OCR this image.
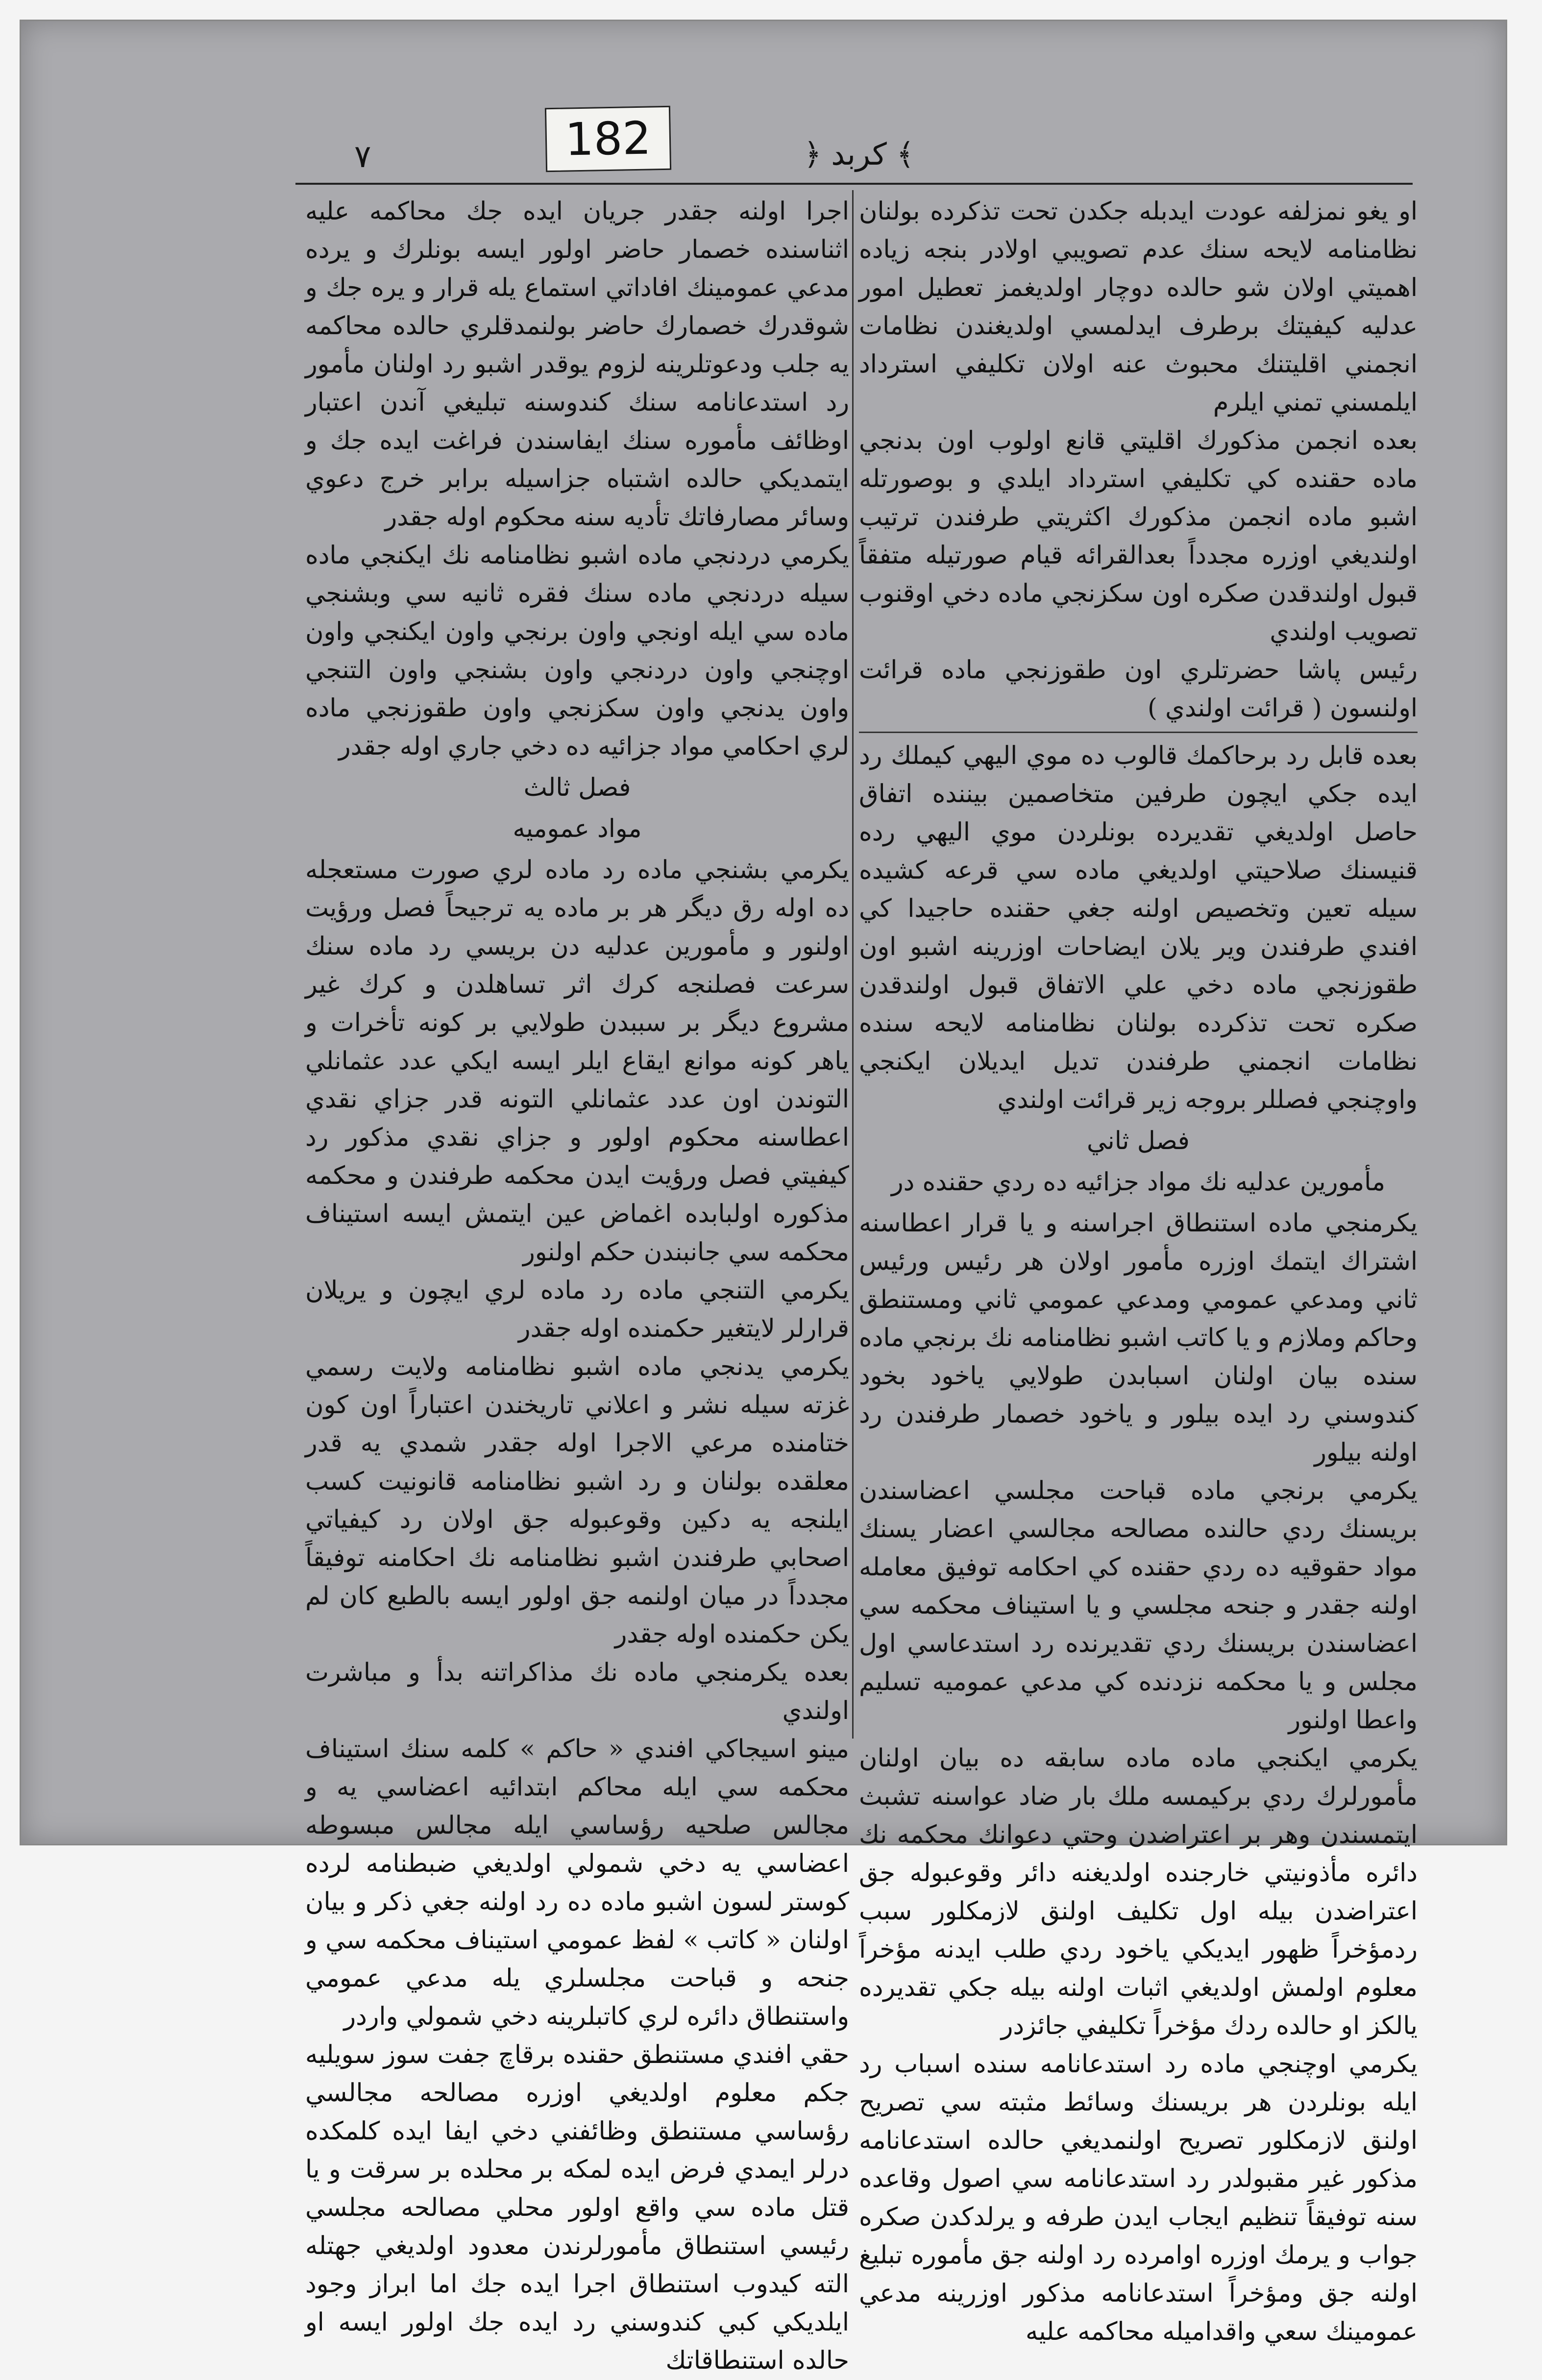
182
٧	﴿ كربد ﴾

او يغو نمزلفه عودت ايدبله جكدن تحت تذكرده بولنان نظامنامه لايحه سنك عدم تصويبي اولادر بنجه زياده اهميتي اولان شو حالده دوچار اولديغمز تعطيل امور عدليه كيفيتك برطرف ايدلمسي اولديغندن نظامات انجمني اقليتنك محبوث عنه اولان تكليفي استرداد ايلمسني تمني ايلرم

بعده انجمن مذكورك اقليتي قانع اولوب اون بدنجي ماده حقنده كي تكليفي استرداد ايلدي و بوصورتله اشبو ماده انجمن مذكورك اكثريتي طرفندن ترتيب اولنديغي اوزره مجدداً بعدالقرائه قيام صورتيله متفقاً قبول اولندقدن صكره اون سكزنجي ماده دخي اوقنوب تصويب اولندي

رئيس پاشا حضرتلري اون طقوزنجي ماده قرائت اولنسون ( قرائت اولندي )

بعده قابل رد برحاكمك قالوب ده موي اليهي كيملك رد ايده جكي ايچون طرفين متخاصمين بيننده اتفاق حاصل اولديغي تقديرده بونلردن موي اليهي رده قنيسنك صلاحيتي اولديغي ماده سي قرعه كشيده سيله تعين وتخصيص اولنه جغي حقنده حاجيدا كي افندي طرفندن وير يلان ايضاحات اوزرينه اشبو اون طقوزنجي ماده دخي علي الاتفاق قبول اولندقدن صكره تحت تذكرده بولنان نظامنامه لايحه سنده نظامات انجمني طرفندن تديل ايديلان ايكنجي واوچنجي فصللر بروجه زير قرائت اولندي

فصل ثاني

مأمورين عدليه نك مواد جزائيه ده ردي حقنده در

يكرمنجي ماده استنطاق اجراسنه و يا قرار اعطاسنه اشتراك ايتمك اوزره مأمور اولان هر رئيس ورئيس ثاني ومدعي عمومي ومدعي عمومي ثاني ومستنطق وحاكم وملازم و يا كاتب اشبو نظامنامه نك برنجي ماده سنده بيان اولنان اسبابدن طولايي ياخود بخود كندوسني رد ايده بيلور و ياخود خصمار طرفندن رد اولنه بيلور

يكرمي برنجي ماده قباحت مجلسي اعضاسندن بريسنك ردي حالنده مصالحه مجالسي اعضار يسنك مواد حقوقيه ده ردي حقنده كي احكامه توفيق معامله اولنه جقدر و جنحه مجلسي و يا استيناف محكمه سي اعضاسندن بريسنك ردي تقديرنده رد استدعاسي اول مجلس و يا محكمه نزدنده كي مدعي عموميه تسليم واعطا اولنور

يكرمي ايكنجي ماده ماده سابقه ده بيان اولنان مأمورلرك ردي بركيمسه ملك بار ضاد عواسنه تشبث ايتمسندن وهر بر اعتراضدن وحتي دعوانك محكمه نك دائره مأذونيتي خارجنده اولديغنه دائر وقوعبوله جق اعتراضدن بيله اول تكليف اولنق لازمكلور سبب ردمؤخراً ظهور ايديكي ياخود ردي طلب ايدنه مؤخراً معلوم اولمش اولديغي اثبات اولنه بيله جكي تقديرده يالكز او حالده ردك مؤخراً تكليفي جائزدر

يكرمي اوچنجي ماده رد استدعانامه سنده اسباب رد ايله بونلردن هر بريسنك وسائط مثبته سي تصريح اولنق لازمكلور تصريح اولنمديغي حالده استدعانامه مذكور غير مقبولدر رد استدعانامه سي اصول وقاعده سنه توفيقاً تنظيم ايجاب ايدن طرفه و يرلدكدن صكره جواب و يرمك اوزره اوامرده رد اولنه جق مأموره تبليغ اولنه جق ومؤخراً استدعانامه مذكور اوزرينه مدعي عمومينك سعي واقداميله محاكمه عليه

اجرا اولنه جقدر جريان ايده جك محاكمه عليه اثناسنده خصمار حاضر اولور ايسه بونلرك و يرده مدعي عمومينك افاداتي استماع يله قرار و يره جك و شوقدرك خصمارك حاضر بولنمدقلري حالده محاكمه يه جلب ودعوتلرينه لزوم يوقدر اشبو رد اولنان مأمور رد استدعانامه سنك كندوسنه تبليغي آندن اعتبار اوظائف مأموره سنك ايفاسندن فراغت ايده جك و ايتمديكي حالده اشتباه جزاسيله برابر خرج دعوي وسائر مصارفاتك تأديه سنه محكوم اوله جقدر

يكرمي دردنجي ماده اشبو نظامنامه نك ايكنجي ماده سيله دردنجي ماده سنك فقره ثانيه سي وبشنجي ماده سي ايله اونجي واون برنجي واون ايكنجي واون اوچنجي واون دردنجي واون بشنجي واون التنجي واون يدنجي واون سكزنجي واون طقوزنجي ماده لري احكامي مواد جزائيه ده دخي جاري اوله جقدر

فصل ثالث

مواد عموميه

يكرمي بشنجي ماده رد ماده لري صورت مستعجله ده اوله رق ديگر هر بر ماده يه ترجيحاً فصل ورؤيت اولنور و مأمورين عدليه دن بريسي رد ماده سنك سرعت فصلنجه كرك اثر تساهلدن و كرك غير مشروع ديگر بر سببدن طولايي بر كونه تأخرات و ياهر كونه موانع ايقاع ايلر ايسه ايكي عدد عثمانلي التوندن اون عدد عثمانلي التونه قدر جزاي نقدي اعطاسنه محكوم اولور و جزاي نقدي مذكور رد كيفيتي فصل ورؤيت ايدن محكمه طرفندن و محكمه مذكوره اولبابده اغماض عين ايتمش ايسه استيناف محكمه سي جانبندن حكم اولنور

يكرمي التنجي ماده رد ماده لري ايچون و يريلان قرارلر لايتغير حكمنده اوله جقدر

يكرمي يدنجي ماده اشبو نظامنامه ولايت رسمي غزته سيله نشر و اعلاني تاريخندن اعتباراً اون كون ختامنده مرعي الاجرا اوله جقدر شمدي يه قدر معلقده بولنان و رد اشبو نظامنامه قانونيت كسب ايلنجه يه دكين وقوعبوله جق اولان رد كيفياتي اصحابي طرفندن اشبو نظامنامه نك احكامنه توفيقاً مجدداً در ميان اولنمه جق اولور ايسه بالطبع كان لم يكن حكمنده اوله جقدر

بعده يكرمنجي ماده نك مذاكراتنه بدأ و مباشرت اولندي

مينو اسيجاكي افندي « حاكم » كلمه سنك استيناف محكمه سي ايله محاكم ابتدائيه اعضاسي يه و مجالس صلحيه رؤساسي ايله مجالس مبسوطه اعضاسي يه دخي شمولي اولديغي ضبطنامه لرده كوستر لسون اشبو ماده ده رد اولنه جغي ذكر و بيان اولنان « كاتب » لفظ عمومي استيناف محكمه سي و جنحه و قباحت مجلسلري يله مدعي عمومي واستنطاق دائره لري كاتبلرينه دخي شمولي واردر

حقي افندي مستنطق حقنده برقاچ جفت سوز سويليه جكم معلوم اولديغي اوزره مصالحه مجالسي رؤساسي مستنطق وظائفني دخي ايفا ايده كلمكده درلر ايمدي فرض ايده لمكه بر محلده بر سرقت و يا قتل ماده سي واقع اولور محلي مصالحه مجلسي رئيسي استنطاق مأمورلرندن معدود اولديغي جهتله الته كيدوب استنطاق اجرا ايده جك اما ابراز وجود ايلديكي كبي كندوسني رد ايده جك اولور ايسه او حالده استنطاقاتك
